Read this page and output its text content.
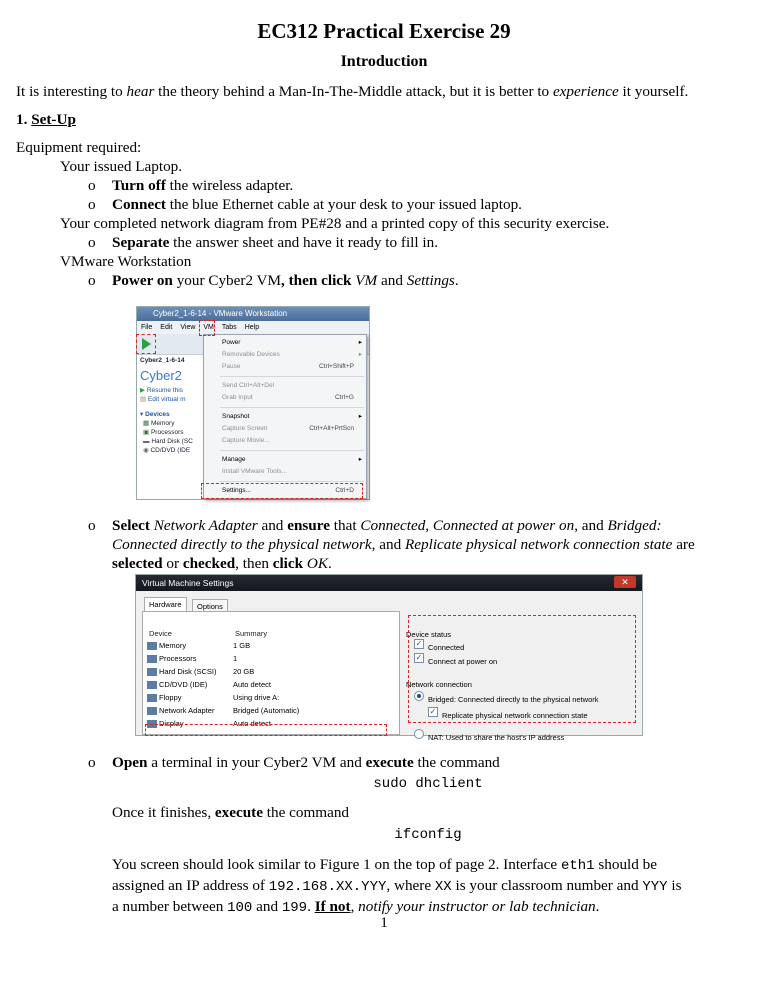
EC312 Practical Exercise 29
Introduction
It is interesting to hear the theory behind a Man-In-The-Middle attack, but it is better to experience it yourself.
1. Set-Up
Equipment required:
Your issued Laptop.
o Turn off the wireless adapter.
o Connect the blue Ethernet cable at your desk to your issued laptop.
Your completed network diagram from PE#28 and a printed copy of this security exercise.
o Separate the answer sheet and have it ready to fill in.
VMware Workstation
o Power on your Cyber2 VM, then click VM and Settings.
Cyber2_1-6-14 - VMware Workstation
File Edit View VM Tabs Help
Cyber2_1-6-14
Cyber2
▶ Resume this
▤ Edit virtual m
▾ Devices
▦ Memory
▣ Processors
▬ Hard Disk (SC
◉ CD/DVD (IDE
Power	▸
Removable Devices	▸
Pause	Ctrl+Shift+P
Send Ctrl+Alt+Del
Grab Input	Ctrl+G
Snapshot	▸
Capture Screen	Ctrl+Alt+PrtScn
Capture Movie...
Manage	▸
Install VMware Tools...
Settings...	Ctrl+D
o Select Network Adapter and ensure that Connected, Connected at power on, and Bridged:
Connected directly to the physical network, and Replicate physical network connection state are
selected or checked, then click OK.
Virtual Machine Settings	✕
Hardware	Options
Device	Summary
Memory	1 GB
Processors	1
Hard Disk (SCSI) 20 GB
CD/DVD (IDE)	Auto detect
Floppy	Using drive A:
Network Adapter Bridged (Automatic)
Display	Auto detect
Device status
✓ Connected
✓ Connect at power on
Network connection
Bridged: Connected directly to the physical network
✓ Replicate physical network connection state
NAT: Used to share the host's IP address
o Open a terminal in your Cyber2 VM and execute the command
sudo dhclient
Once it finishes, execute the command
ifconfig
You screen should look similar to Figure 1 on the top of page 2. Interface eth1 should be
assigned an IP address of 192.168.XX.YYY, where XX is your classroom number and YYY is
a number between 100 and 199. If not, notify your instructor or lab technician.
1
